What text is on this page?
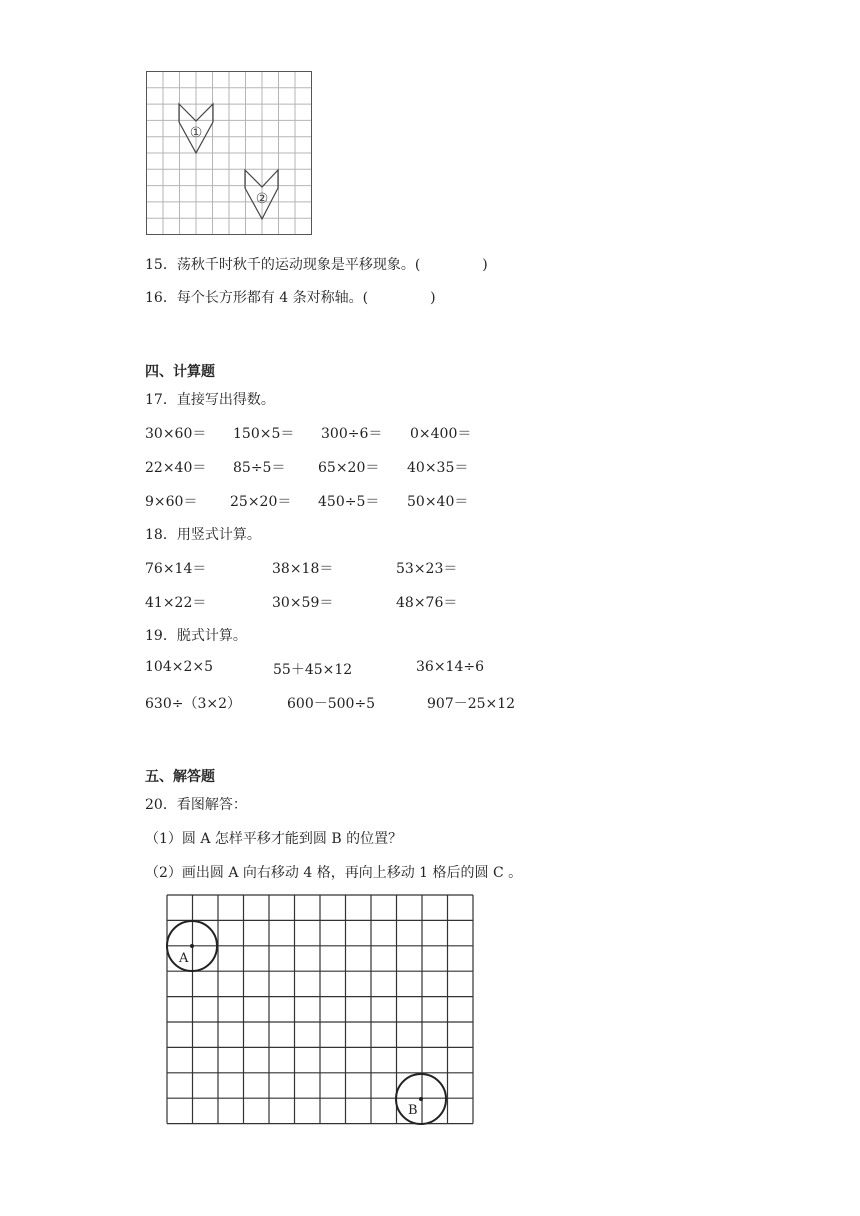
①
②
15．荡秋千时秋千的运动现象是平移现象。(	)
16．每个长方形都有 4 条对称轴。(	)
四、计算题
17．直接写出得数。
30×60＝ 150×5＝ 300÷6＝ 0×400＝
22×40＝ 85÷5＝ 65×20＝ 40×35＝
9×60＝ 25×20＝ 450÷5＝ 50×40＝
18．用竖式计算。
76×14＝	38×18＝	53×23＝
41×22＝	30×59＝	48×76＝
19．脱式计算。
104×2×5	55＋45×12	36×14÷6
630÷（3×2）	600－500÷5	907－25×12
五、解答题
20．看图解答：
（1）圆 A 怎样平移才能到圆 B 的位置？
（2）画出圆 A 向右移动 4 格，再向上移动 1 格后的圆 C 。
A
B
